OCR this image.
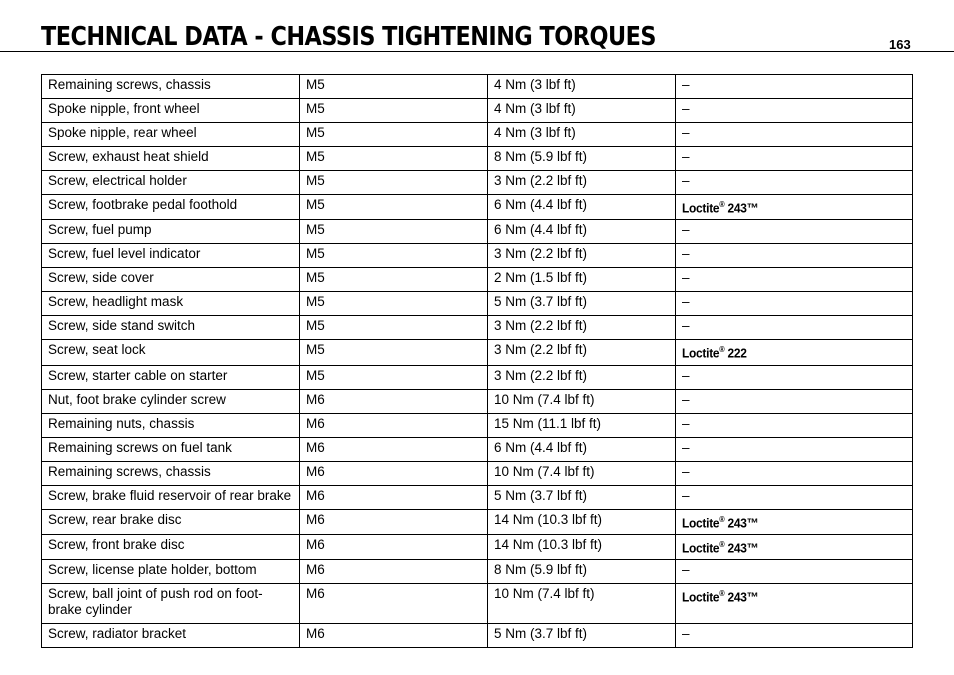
TECHNICAL DATA - CHASSIS TIGHTENING TORQUES	163
Remaining screws, chassis	M5	4 Nm (3 lbf ft)	–
Spoke nipple, front wheel	M5	4 Nm (3 lbf ft)	–
Spoke nipple, rear wheel	M5	4 Nm (3 lbf ft)	–
Screw, exhaust heat shield	M5	8 Nm (5.9 lbf ft)	–
Screw, electrical holder	M5	3 Nm (2.2 lbf ft)	–
Screw, footbrake pedal foothold	M5	6 Nm (4.4 lbf ft)	Loctite® 243™
Screw, fuel pump	M5	6 Nm (4.4 lbf ft)	–
Screw, fuel level indicator	M5	3 Nm (2.2 lbf ft)	–
Screw, side cover	M5	2 Nm (1.5 lbf ft)	–
Screw, headlight mask	M5	5 Nm (3.7 lbf ft)	–
Screw, side stand switch	M5	3 Nm (2.2 lbf ft)	–
Screw, seat lock	M5	3 Nm (2.2 lbf ft)	Loctite® 222
Screw, starter cable on starter	M5	3 Nm (2.2 lbf ft)	–
Nut, foot brake cylinder screw	M6	10 Nm (7.4 lbf ft)	–
Remaining nuts, chassis	M6	15 Nm (11.1 lbf ft)	–
Remaining screws on fuel tank	M6	6 Nm (4.4 lbf ft)	–
Remaining screws, chassis	M6	10 Nm (7.4 lbf ft)	–
Screw, brake fluid reservoir of rear brake	M6	5 Nm (3.7 lbf ft)	–
Screw, rear brake disc	M6	14 Nm (10.3 lbf ft)	Loctite® 243™
Screw, front brake disc	M6	14 Nm (10.3 lbf ft)	Loctite® 243™
Screw, license plate holder, bottom	M6	8 Nm (5.9 lbf ft)	–
Screw, ball joint of push rod on foot-brake cylinder	M6	10 Nm (7.4 lbf ft)	Loctite® 243™
Screw, radiator bracket	M6	5 Nm (3.7 lbf ft)	–
